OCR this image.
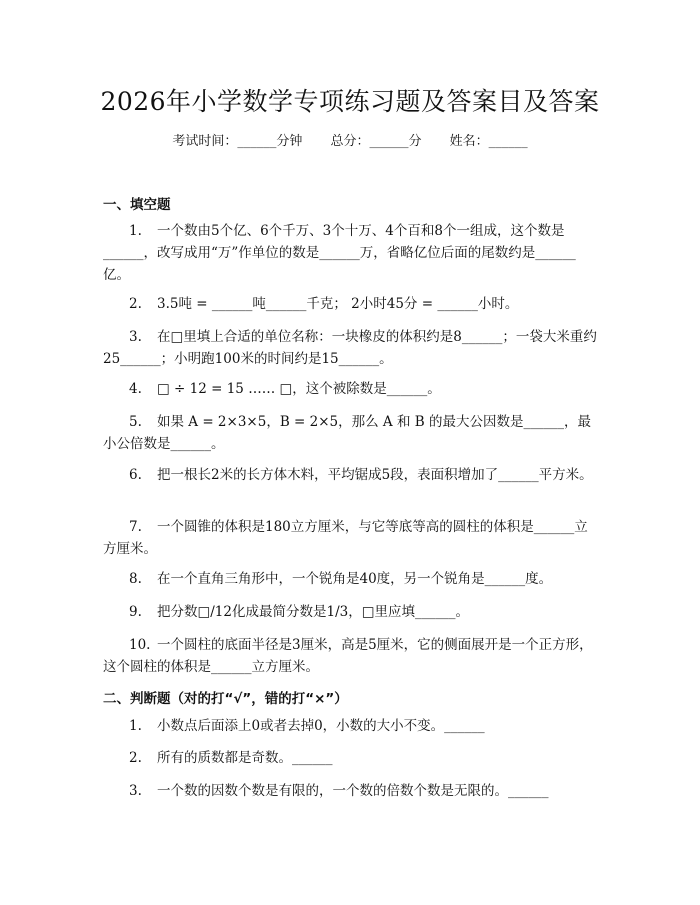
2026年小学数学专项练习题及答案目及答案
考试时间：______分钟 总分：______分 姓名：______
一、填空题
1. 一个数由5个亿、6个千万、3个十万、4个百和8个一组成，这个数是______，改写成用“万”作单位的数是______万，省略亿位后面的尾数约是______亿。
2. 3.5吨 = ______吨______千克； 2小时45分 = ______小时。
3. 在□里填上合适的单位名称：一块橡皮的体积约是8______；一袋大米重约25______；小明跑100米的时间约是15______。
4. □ ÷ 12 = 15 …… □，这个被除数是______。
5. 如果 A = 2×3×5，B = 2×5，那么 A 和 B 的最大公因数是______，最小公倍数是______。
6. 把一根长2米的长方体木料，平均锯成5段，表面积增加了______平方米。
7. 一个圆锥的体积是180立方厘米，与它等底等高的圆柱的体积是______立方厘米。
8. 在一个直角三角形中，一个锐角是40度，另一个锐角是______度。
9. 把分数□/12化成最简分数是1/3，□里应填______。
10. 一个圆柱的底面半径是3厘米，高是5厘米，它的侧面展开是一个正方形，这个圆柱的体积是______立方厘米。
二、判断题（对的打“√”，错的打“×”）
1. 小数点后面添上0或者去掉0，小数的大小不变。______
2. 所有的质数都是奇数。______
3. 一个数的因数个数是有限的，一个数的倍数个数是无限的。______
